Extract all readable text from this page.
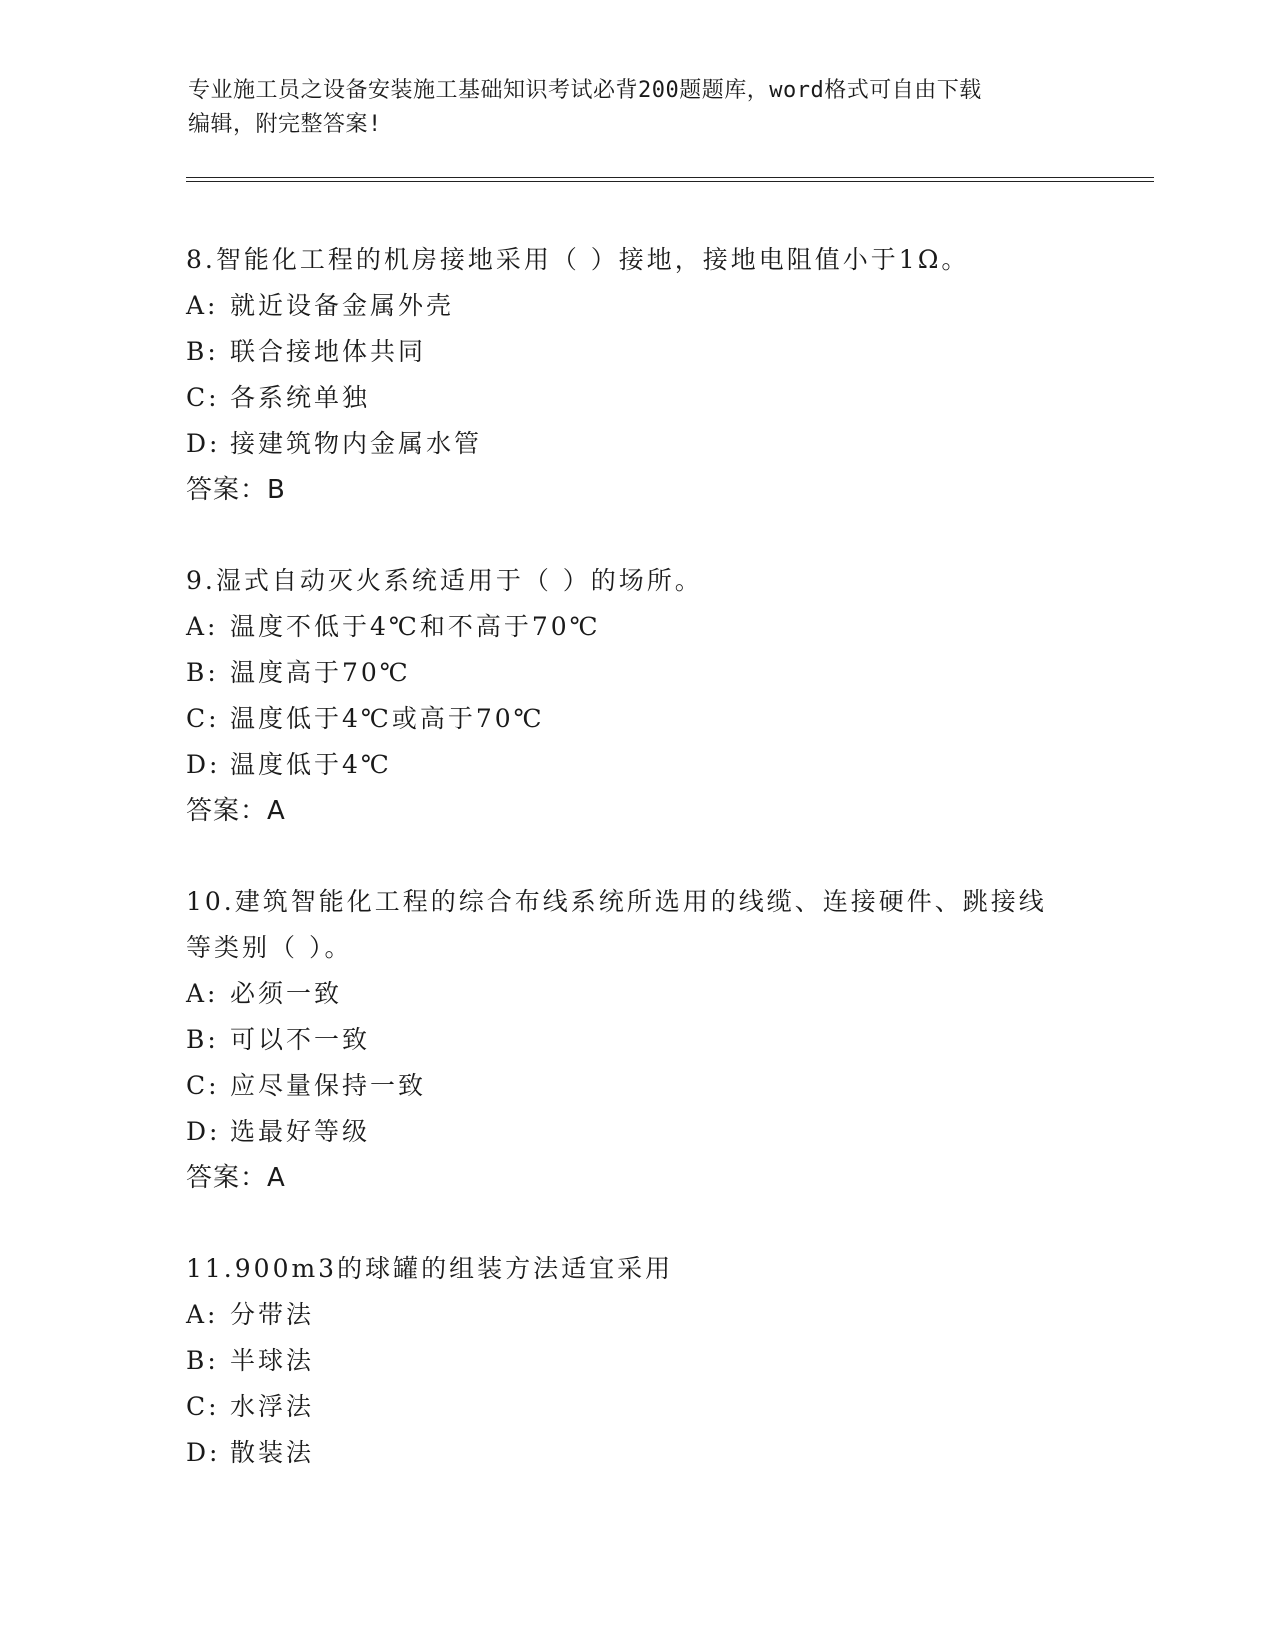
专业施工员之设备安装施工基础知识考试必背200题题库，word格式可自由下载
编辑，附完整答案!

8.智能化工程的机房接地采用（ ）接地，接地电阻值小于1Ω。

A: 就近设备金属外壳

B: 联合接地体共同

C: 各系统单独

D: 接建筑物内金属水管

答案：B

9.湿式自动灭火系统适用于（ ）的场所。

A: 温度不低于4℃和不高于70℃

B: 温度高于70℃

C: 温度低于4℃或高于70℃

D: 温度低于4℃

答案：A

10.建筑智能化工程的综合布线系统所选用的线缆、连接硬件、跳接线

等类别（ ）。

A: 必须一致

B: 可以不一致

C: 应尽量保持一致

D: 选最好等级

答案：A

11.900m3的球罐的组装方法适宜采用

A: 分带法

B: 半球法

C: 水浮法

D: 散装法
